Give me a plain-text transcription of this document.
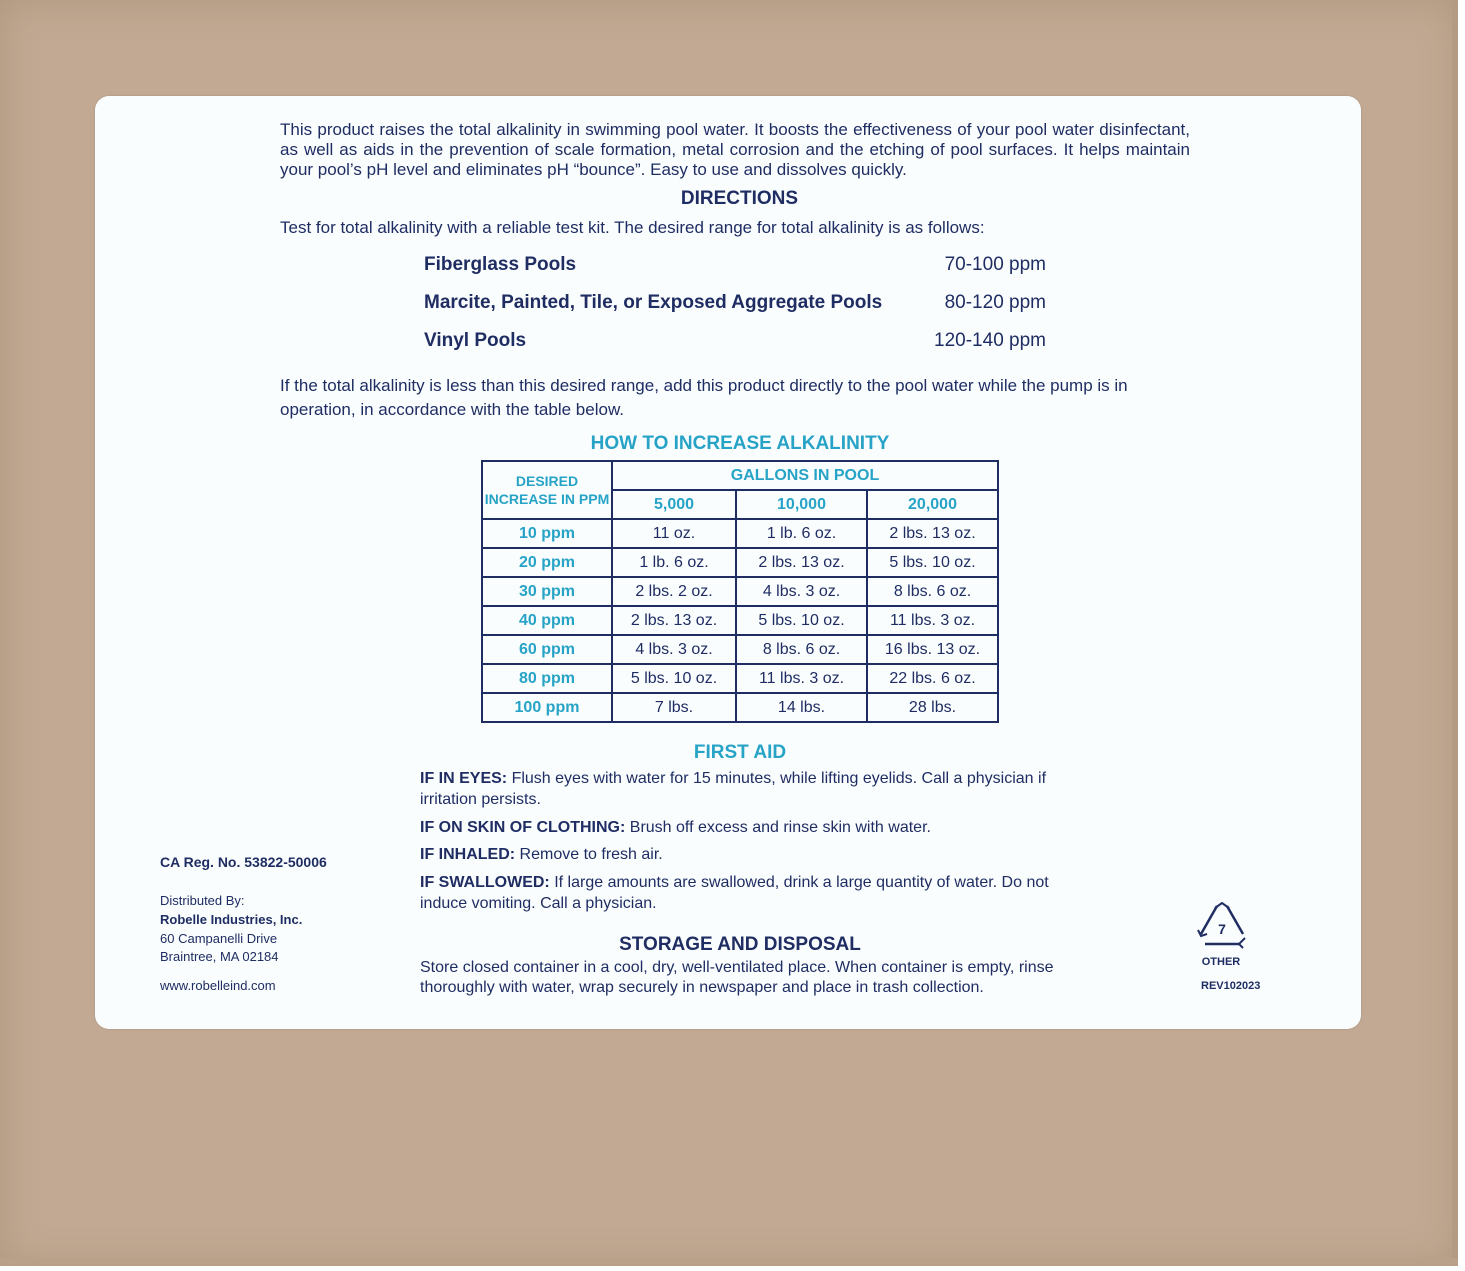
This product raises the total alkalinity in swimming pool water. It boosts the effectiveness of your pool water disinfectant, as well as aids in the prevention of scale formation, metal corrosion and the etching of pool surfaces. It helps maintain your pool’s pH level and eliminates pH “bounce”. Easy to use and dissolves quickly.

DIRECTIONS
Test for total alkalinity with a reliable test kit. The desired range for total alkalinity is as follows:
Fiberglass Pools	70-100 ppm
Marcite, Painted, Tile, or Exposed Aggregate Pools	80-120 ppm
Vinyl Pools	120-140 ppm

If the total alkalinity is less than this desired range, add this product directly to the pool water while the pump is in operation, in accordance with the table below.

HOW TO INCREASE ALKALINITY
DESIRED INCREASE IN PPM	GALLONS IN POOL		
	5,000	10,000	20,000
10 ppm	11 oz.	1 lb. 6 oz.	2 lbs. 13 oz.
20 ppm	1 lb. 6 oz.	2 lbs. 13 oz.	5 lbs. 10 oz.
30 ppm	2 lbs. 2 oz.	4 lbs. 3 oz.	8 lbs. 6 oz.
40 ppm	2 lbs. 13 oz.	5 lbs. 10 oz.	11 lbs. 3 oz.
60 ppm	4 lbs. 3 oz.	8 lbs. 6 oz.	16 lbs. 13 oz.
80 ppm	5 lbs. 10 oz.	11 lbs. 3 oz.	22 lbs. 6 oz.
100 ppm	7 lbs.	14 lbs.	28 lbs.
FIRST AID

IF IN EYES: Flush eyes with water for 15 minutes, while lifting eyelids. Call a physician if irritation persists.

IF ON SKIN OF CLOTHING: Brush off excess and rinse skin with water.

IF INHALED: Remove to fresh air.

IF SWALLOWED: If large amounts are swallowed, drink a large quantity of water. Do not induce vomiting. Call a physician.

STORAGE AND DISPOSAL

Store closed container in a cool, dry, well-ventilated place. When container is empty, rinse thoroughly with water, wrap securely in newspaper and place in trash collection.

CA Reg. No. 53822-50006
Distributed By:
Robelle Industries, Inc.
60 Campanelli Drive
Braintree, MA 02184
www.robelleind.com
7
OTHER
REV102023
